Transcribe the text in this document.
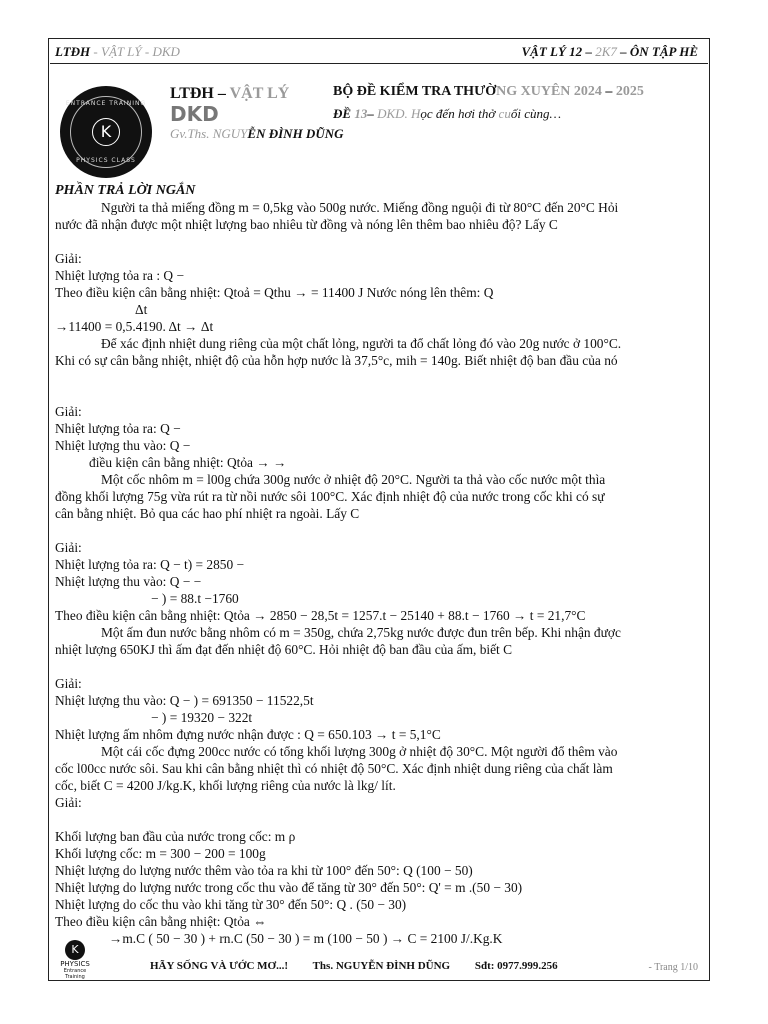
LTĐH - VẬT LÝ - DKD	VẬT LÝ 12 – 2K7 – ÔN TẬP HÈ
ENTRANCE TRAINING
K
PHYSICS CLASS
LTĐH – VẬT LÝ
DKD
BỘ ĐỀ KIỂM TRA THƯỜNG XUYÊN 2024 – 2025
ĐỀ 13– DKD. Học đến hơi thở cuối cùng…
Gv.Ths. NGUYỄN ĐÌNH DŨNG

PHẦN TRẢ LỜI NGẮN

Người ta thả miếng đồng m = 0,5kg vào 500g nước. Miếng đồng nguội đi từ 80°C đến 20°C Hỏi

nước đã nhận được một nhiệt lượng bao nhiêu từ đồng và nóng lên thêm bao nhiêu độ? Lấy C

Giải:

Nhiệt lượng tỏa ra : Q −

Theo điều kiện cân bằng nhiệt: Qtoả = Qthu → = 11400 J Nước nóng lên thêm: Q

Δt

→11400 = 0,5.4190. Δt → Δt

Để xác định nhiệt dung riêng của một chất lỏng, người ta đổ chất lỏng đó vào 20g nước ở 100°C.

Khi có sự cân bằng nhiệt, nhiệt độ của hỗn hợp nước là 37,5°c, mіh = 140g. Biết nhiệt độ ban đầu của nó

Giải:

Nhiệt lượng tỏa ra: Q −

Nhiệt lượng thu vào: Q −

điều kiện cân bằng nhiệt: Qtỏa → →

Một cốc nhôm m = l00g chứa 300g nước ở nhiệt độ 20°C. Người ta thả vào cốc nước một thìa

đồng khối lượng 75g vừa rút ra từ nồi nước sôi 100°C. Xác định nhiệt độ của nước trong cốc khi có sự

cân bằng nhiệt. Bỏ qua các hao phí nhiệt ra ngoài. Lấy C

Giải:

Nhiệt lượng tỏa ra: Q − t) = 2850 −

Nhiệt lượng thu vào: Q − −

− ) = 88.t −1760

Theo điều kiện cân bằng nhiệt: Qtỏa → 2850 − 28,5t = 1257.t − 25140 + 88.t − 1760 → t = 21,7°C

Một ấm đun nước bằng nhôm có m = 350g, chứa 2,75kg nước được đun trên bếp. Khi nhận được

nhiệt lượng 650KJ thì ấm đạt đến nhiệt độ 60°C. Hỏi nhiệt độ ban đầu của ấm, biết C

Giải:

Nhiệt lượng thu vào: Q − ) = 691350 − 11522,5t

− ) = 19320 − 322t

Nhiệt lượng ấm nhôm đựng nước nhận được : Q = 650.103 → t = 5,1°C

Một cái cốc đựng 200cc nước có tổng khối lượng 300g ở nhiệt độ 30°C. Một người đổ thêm vào

cốc l00cc nước sôi. Sau khi cân bằng nhiệt thì có nhiệt độ 50°C. Xác định nhiệt dung riêng của chất làm

cốc, biết C = 4200 J/kg.K, khối lượng riêng của nước là lkg/ lít.

Giải:

Khối lượng ban đầu của nước trong cốc: m ρ

Khối lượng cốc: m = 300 − 200 = 100g

Nhiệt lượng do lượng nước thêm vào tỏa ra khi từ 100° đến 50°: Q (100 − 50)

Nhiệt lượng do lượng nước trong cốc thu vào để tăng từ 30° đến 50°: Q' = m .(50 − 30)

Nhiệt lượng do cốc thu vào khi tăng từ 30° đến 50°: Q . (50 − 30)

Theo điều kiện cân bằng nhiệt: Qtỏa ⇔

→m.C ( 50 − 30 ) + rn.C (50 − 30 ) = m (100 − 50 ) → C = 2100 J/.Kg.K

K
PHYSICS
Entrance Training
HÃY SỐNG VÀ ƯỚC MƠ...! Ths. NGUYỄN ĐÌNH DŨNG Sđt: 0977.999.256	- Trang 1/10
